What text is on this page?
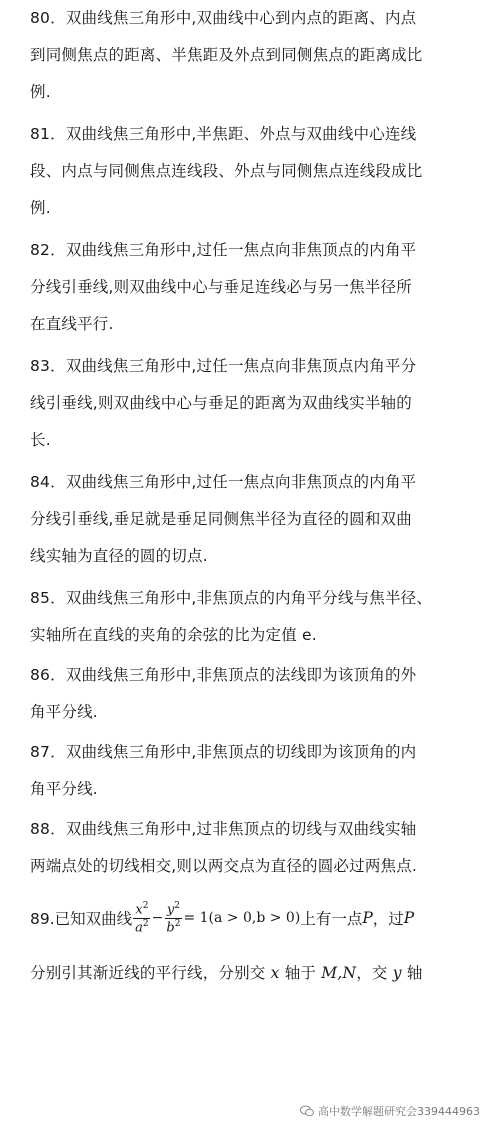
80．双曲线焦三角形中,双曲线中心到内点的距离、内点
到同侧焦点的距离、半焦距及外点到同侧焦点的距离成比
例.
81．双曲线焦三角形中,半焦距、外点与双曲线中心连线
段、内点与同侧焦点连线段、外点与同侧焦点连线段成比
例.
82．双曲线焦三角形中,过任一焦点向非焦顶点的内角平
分线引垂线,则双曲线中心与垂足连线必与另一焦半径所
在直线平行.
83．双曲线焦三角形中,过任一焦点向非焦顶点内角平分
线引垂线,则双曲线中心与垂足的距离为双曲线实半轴的
长.
84．双曲线焦三角形中,过任一焦点向非焦顶点的内角平
分线引垂线,垂足就是垂足同侧焦半径为直径的圆和双曲
线实轴为直径的圆的切点.
85．双曲线焦三角形中,非焦顶点的内角平分线与焦半径、
实轴所在直线的夹角的余弦的比为定值 e.
86．双曲线焦三角形中,非焦顶点的法线即为该顶角的外
角平分线.
87．双曲线焦三角形中,非焦顶点的切线即为该顶角的内
角平分线.
88．双曲线焦三角形中,过非焦顶点的切线与双曲线实轴
两端点处的切线相交,则以两交点为直径的圆必过两焦点.
89.已知双曲线 $\frac{x^2}{a^2} - \frac{y^2}{b^2} = 1(a > 0,b > 0)$ 上有一点 P ，过 P
分别引其渐近线的平行线，分别交 x 轴于 M,N，交 y 轴
高中数学解题研究会339444963
